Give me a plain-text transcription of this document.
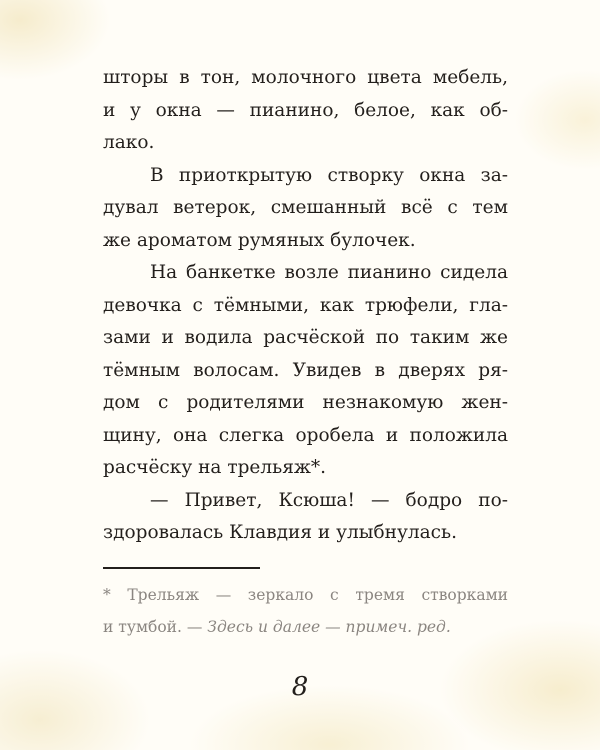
шторы в тон, молочного цвета мебель,
и у окна — пианино, белое, как об-
лако.
В приоткрытую створку окна за-
дувал ветерок, смешанный всё с тем
же ароматом румяных булочек.
На банкетке возле пианино сидела
девочка с тёмными, как трюфели, гла-
зами и водила расчёской по таким же
тёмным волосам. Увидев в дверях ря-
дом с родителями незнакомую жен-
щину, она слегка оробела и положила
расчёску на трельяж*.
— Привет, Ксюша! — бодро по-
здоровалась Клавдия и улыбнулась.
* Трельяж — зеркало с тремя створками
и тумбой. — Здесь и далее — примеч. ред.
8
